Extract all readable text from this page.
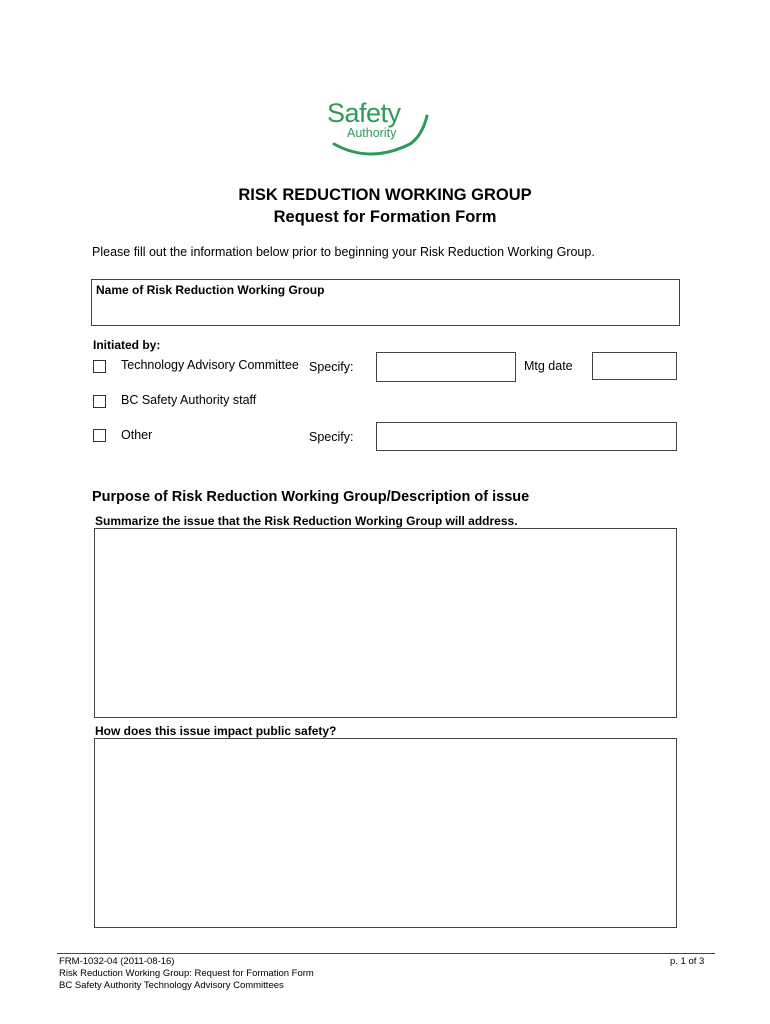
Safety
Authority
RISK REDUCTION WORKING GROUP
Request for Formation Form
Please fill out the information below prior to beginning your Risk Reduction Working Group.
Name of Risk Reduction Working Group
Initiated by:
Technology Advisory Committee Specify:	Mtg date
BC Safety Authority staff
Other	Specify:
Purpose of Risk Reduction Working Group/Description of issue
Summarize the issue that the Risk Reduction Working Group will address.
How does this issue impact public safety?
FRM-1032-04 (2011-08-16)
Risk Reduction Working Group: Request for Formation Form
BC Safety Authority Technology Advisory Committees
p. 1 of 3
